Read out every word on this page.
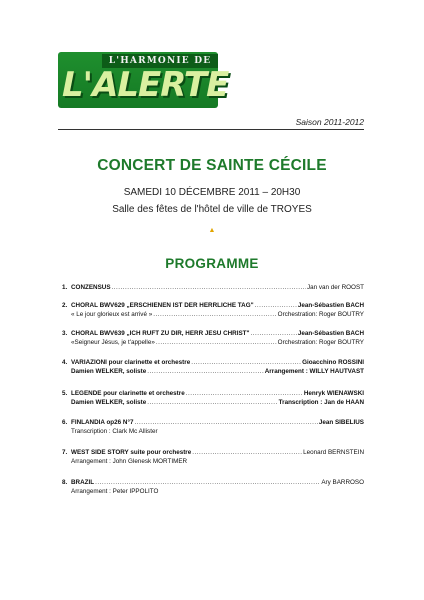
L'HARMONIE DE
L'ALERTE
Saison 2011-2012
CONCERT DE SAINTE CÉCILE
SAMEDI 10 DÉCEMBRE 2011 – 20H30
Salle des fêtes de l'hôtel de ville de TROYES
▲
PROGRAMME
1. CONZENSUS .....	Jan van der ROOST
2. CHORAL BWV629 „ERSCHIENEN IST DER HERRLICHE TAG" .....	Jean-Sébastien BACH
« Le jour glorieux est arrivé » .....	Orchestration: Roger BOUTRY
3. CHORAL BWV639 „ICH RUFT ZU DIR, HERR JESU CHRIST" .....	Jean-Sébastien BACH
«Seigneur Jésus, je t'appelle» .....	Orchestration: Roger BOUTRY
4. VARIAZIONI pour clarinette et orchestre .....	Gioacchino ROSSINI
Damien WELKER, soliste .....	Arrangement : WILLY HAUTVAST
5. LEGENDE pour clarinette et orchestre .....	Henryk WIENAWSKI
Damien WELKER, soliste .....	Transcription : Jan de HAAN
6. FINLANDIA op26 N°7 .....	Jean SIBELIUS
Transcription : Clark Mc Allister
7. WEST SIDE STORY suite pour orchestre .....	Leonard BERNSTEIN
Arrangement : John Glenesk MORTIMER
8. BRAZIL .....	Ary BARROSO
Arrangement : Peter IPPOLITO
